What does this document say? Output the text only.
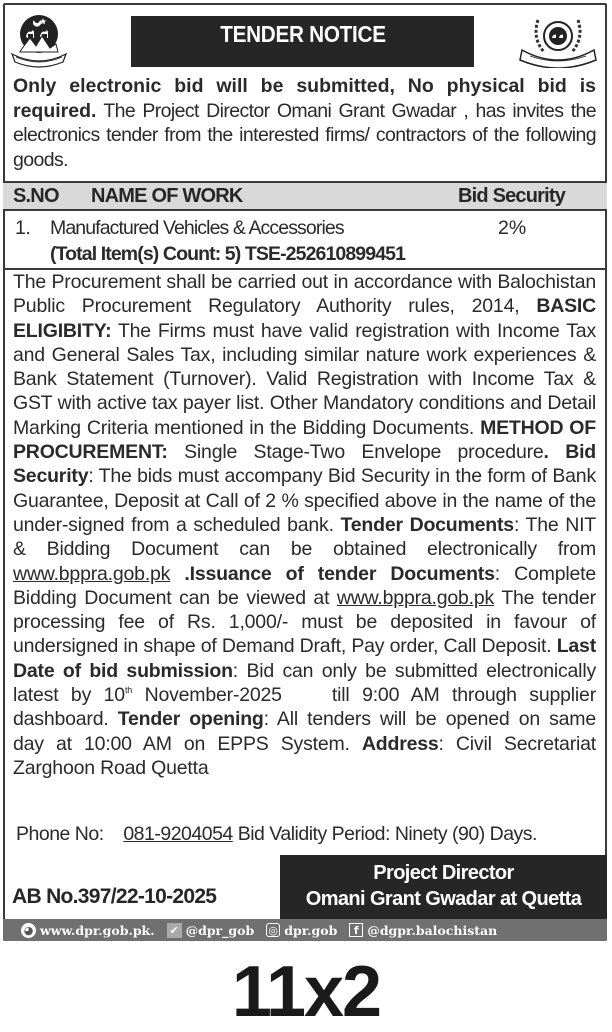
TENDER NOTICE
Only electronic bid will be submitted, No physical bid is required. The Project Director Omani Grant Gwadar , has invites the electronics tender from the interested firms/ contractors of the following goods.
S.NO NAME OF WORK	Bid Security
1. Manufactured Vehicles & Accessories	2%
(Total Item(s) Count: 5) TSE-252610899451
The Procurement shall be carried out in accordance with Balochistan Public Procurement Regulatory Authority rules, 2014, BASIC ELIGIBITY: The Firms must have valid registration with Income Tax and General Sales Tax, including similar nature work experiences & Bank Statement (Turnover). Valid Registration with Income Tax & GST with active tax payer list. Other Mandatory conditions and Detail Marking Criteria mentioned in the Bidding Documents. METHOD OF PROCUREMENT: Single Stage-Two Envelope procedure. Bid Security: The bids must accompany Bid Security in the form of Bank Guarantee, Deposit at Call of 2 % specified above in the name of the under-signed from a scheduled bank. Tender Documents: The NIT & Bidding Document can be obtained electronically from www.bppra.gob.pk .Issuance of tender Documents: Complete Bidding Document can be viewed at www.bppra.gob.pk The tender processing fee of Rs. 1,000/- must be deposited in favour of undersigned in shape of Demand Draft, Pay order, Call Deposit. Last Date of bid submission: Bid can only be submitted electronically latest by 10th November-2025    till 9:00 AM through supplier dashboard. Tender opening: All tenders will be opened on same day at 10:00 AM on EPPS System. Address: Civil Secretariat Zarghoon Road Quetta
Phone No: 081-9204054 Bid Validity Period: Ninety (90) Days.
AB No.397/22-10-2025
Project Director
Omani Grant Gwadar at Quetta
◕ www.dpr.gob.pk. ✔ @dpr_gob ◎ dpr.gob	f @dgpr.balochistan
11x2
